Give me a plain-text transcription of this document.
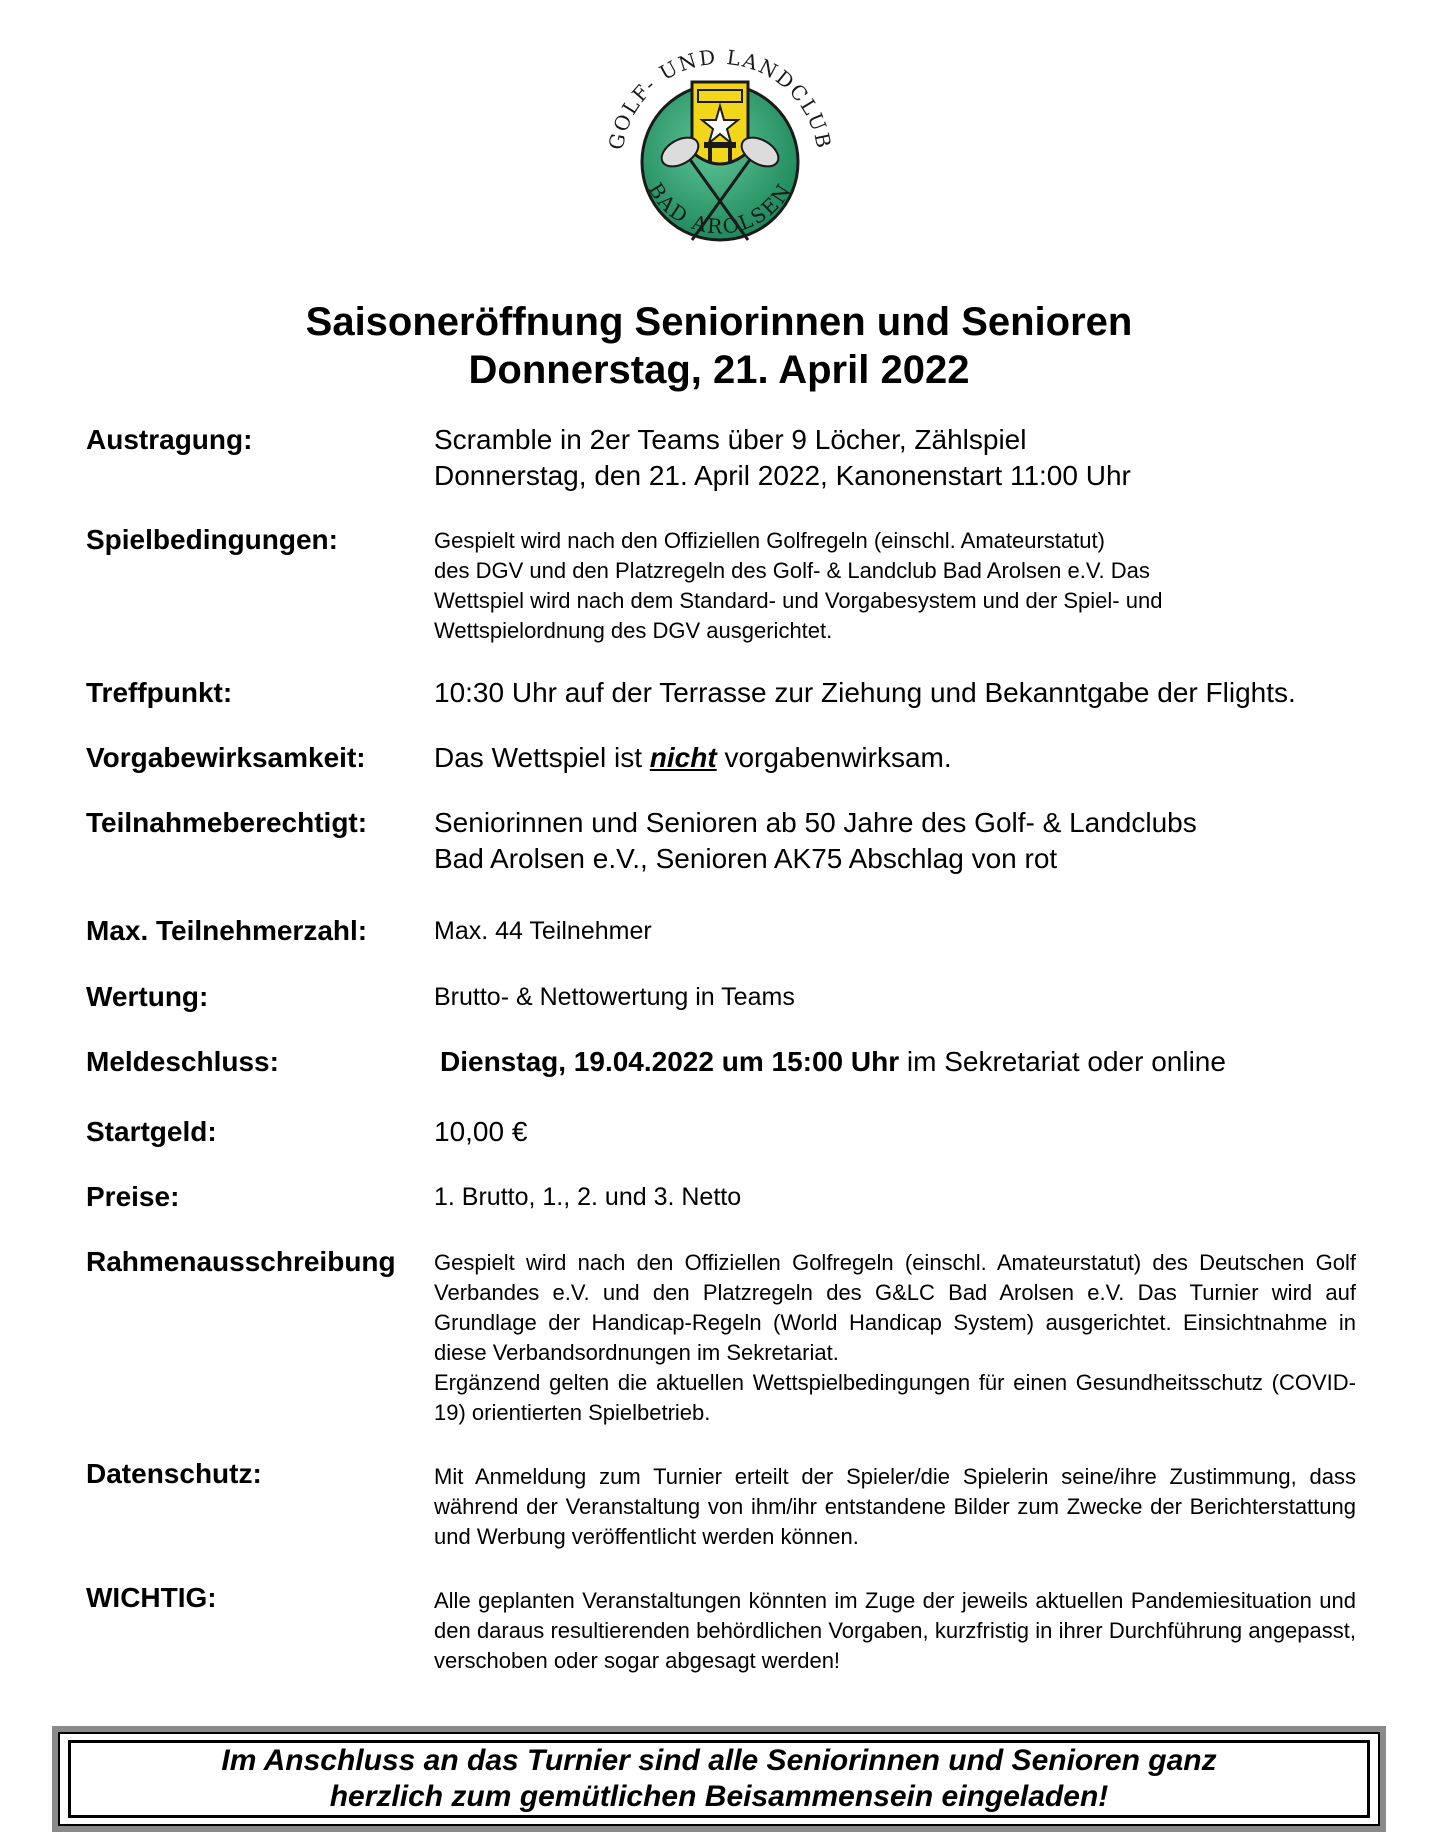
GOLF- UND LANDCLUB
BAD AROLSEN
Saisoneröffnung Seniorinnen und Senioren
Donnerstag, 21. April 2022
Austragung:	Scramble in 2er Teams über 9 Löcher, Zählspiel
Donnerstag, den 21. April 2022, Kanonenstart 11:00 Uhr
Spielbedingungen:	Gespielt wird nach den Offiziellen Golfregeln (einschl. Amateurstatut)
des DGV und den Platzregeln des Golf- & Landclub Bad Arolsen e.V. Das
Wettspiel wird nach dem Standard- und Vorgabesystem und der Spiel- und
Wettspielordnung des DGV ausgerichtet.
Treffpunkt:	10:30 Uhr auf der Terrasse zur Ziehung und Bekanntgabe der Flights.
Vorgabewirksamkeit: Das Wettspiel ist nicht vorgabenwirksam.
Teilnahmeberechtigt: Seniorinnen und Senioren ab 50 Jahre des Golf- & Landclubs
Bad Arolsen e.V., Senioren AK75 Abschlag von rot
Max. Teilnehmerzahl:	Max. 44 Teilnehmer
Wertung:	Brutto- & Nettowertung in Teams
Meldeschluss:	Dienstag, 19.04.2022 um 15:00 Uhr im Sekretariat oder online
Startgeld:	10,00 €
Preise:	1. Brutto, 1., 2. und 3. Netto
Rahmenausschreibung Gespielt wird nach den Offiziellen Golfregeln (einschl. Amateurstatut) des Deutschen Golf Verbandes e.V. und den Platzregeln des G&LC Bad Arolsen e.V. Das Turnier wird auf Grundlage der Handicap-Regeln (World Handicap System) ausgerichtet. Einsichtnahme in diese Verbandsordnungen im Sekretariat.

Ergänzend gelten die aktuellen Wettspielbedingungen für einen Gesundheitsschutz (COVID-19) orientierten Spielbetrieb.

Datenschutz:	Mit Anmeldung zum Turnier erteilt der Spieler/die Spielerin seine/ihre Zustimmung, dass während der Veranstaltung von ihm/ihr entstandene Bilder zum Zwecke der Berichterstattung und Werbung veröffentlicht werden können.

WICHTIG:	Alle geplanten Veranstaltungen könnten im Zuge der jeweils aktuellen Pandemiesituation und den daraus resultierenden behördlichen Vorgaben, kurzfristig in ihrer Durchführung angepasst, verschoben oder sogar abgesagt werden!

Im Anschluss an das Turnier sind alle Seniorinnen und Senioren ganz
herzlich zum gemütlichen Beisammensein eingeladen!
